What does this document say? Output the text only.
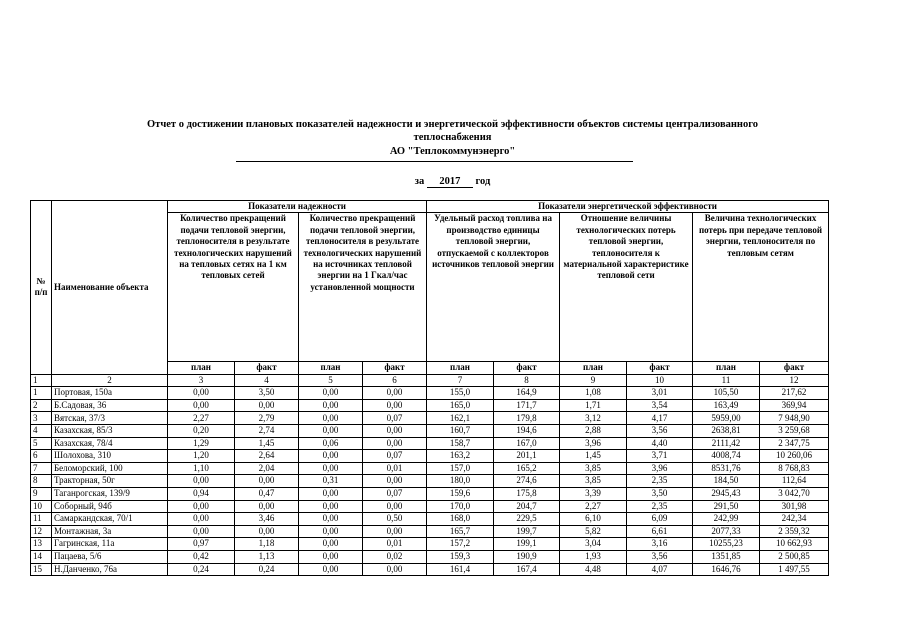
Отчет о достижении плановых показателей надежности и энергетической эффективности объектов системы централизованного
теплоснабжения
АО "Теплокоммунэнерго"
за 2017 год
№ п/п	Наименование объекта	Показатели надежности				Показатели энергетической эффективности					
		Количество прекращений подачи тепловой энергии, теплоносителя в результате технологических нарушений на тепловых сетях на 1 км тепловых сетей		Количество прекращений подачи тепловой энергии, теплоносителя в результате технологических нарушений на источниках тепловой энергии на 1 Гкал/час установленной мощности		Удельный расход топлива на производство единицы тепловой энергии, отпускаемой с коллекторов источников тепловой энергии		Отношение величины технологических потерь тепловой энергии, теплоносителя к материальной характеристике тепловой сети		Величина технологических потерь при передаче тепловой энергии, теплоносителя по тепловым сетям	
		план	факт	план	факт	план	факт	план	факт	план	факт
1	2	3	4	5	6	7	8	9	10	11	12
1	Портовая, 150а	0,00	3,50	0,00	0,00	155,0	164,9	1,08	3,01	105,50	217,62
2	Б.Садовая, 36	0,00	0,00	0,00	0,00	165,0	171,7	1,71	3,54	163,49	369,94
3	Вятская, 37/3	2,27	2,79	0,00	0,07	162,1	179,8	3,12	4,17	5959,00	7 948,90
4	Казахская, 85/3	0,20	2,74	0,00	0,00	160,7	194,6	2,88	3,56	2638,81	3 259,68
5	Казахская, 78/4	1,29	1,45	0,06	0,00	158,7	167,0	3,96	4,40	2111,42	2 347,75
6	Шолохова, 310	1,20	2,64	0,00	0,07	163,2	201,1	1,45	3,71	4008,74	10 260,06
7	Беломорский, 100	1,10	2,04	0,00	0,01	157,0	165,2	3,85	3,96	8531,76	8 768,83
8	Тракторная, 50г	0,00	0,00	0,31	0,00	180,0	274,6	3,85	2,35	184,50	112,64
9	Таганрогская, 139/9	0,94	0,47	0,00	0,07	159,6	175,8	3,39	3,50	2945,43	3 042,70
10	Соборный, 94б	0,00	0,00	0,00	0,00	170,0	204,7	2,27	2,35	291,50	301,98
11	Самаркандская, 70/1	0,00	3,46	0,00	0,50	168,0	229,5	6,10	6,09	242,99	242,34
12	Монтажная, 3а	0,00	0,00	0,00	0,00	165,7	199,7	5,82	6,61	2077,33	2 359,32
13	Гагринская, 11а	0,97	1,18	0,00	0,01	157,2	199,1	3,04	3,16	10255,23	10 662,93
14	Пацаева, 5/6	0,42	1,13	0,00	0,02	159,3	190,9	1,93	3,56	1351,85	2 500,85
15	Н.Данченко, 76а	0,24	0,24	0,00	0,00	161,4	167,4	4,48	4,07	1646,76	1 497,55
